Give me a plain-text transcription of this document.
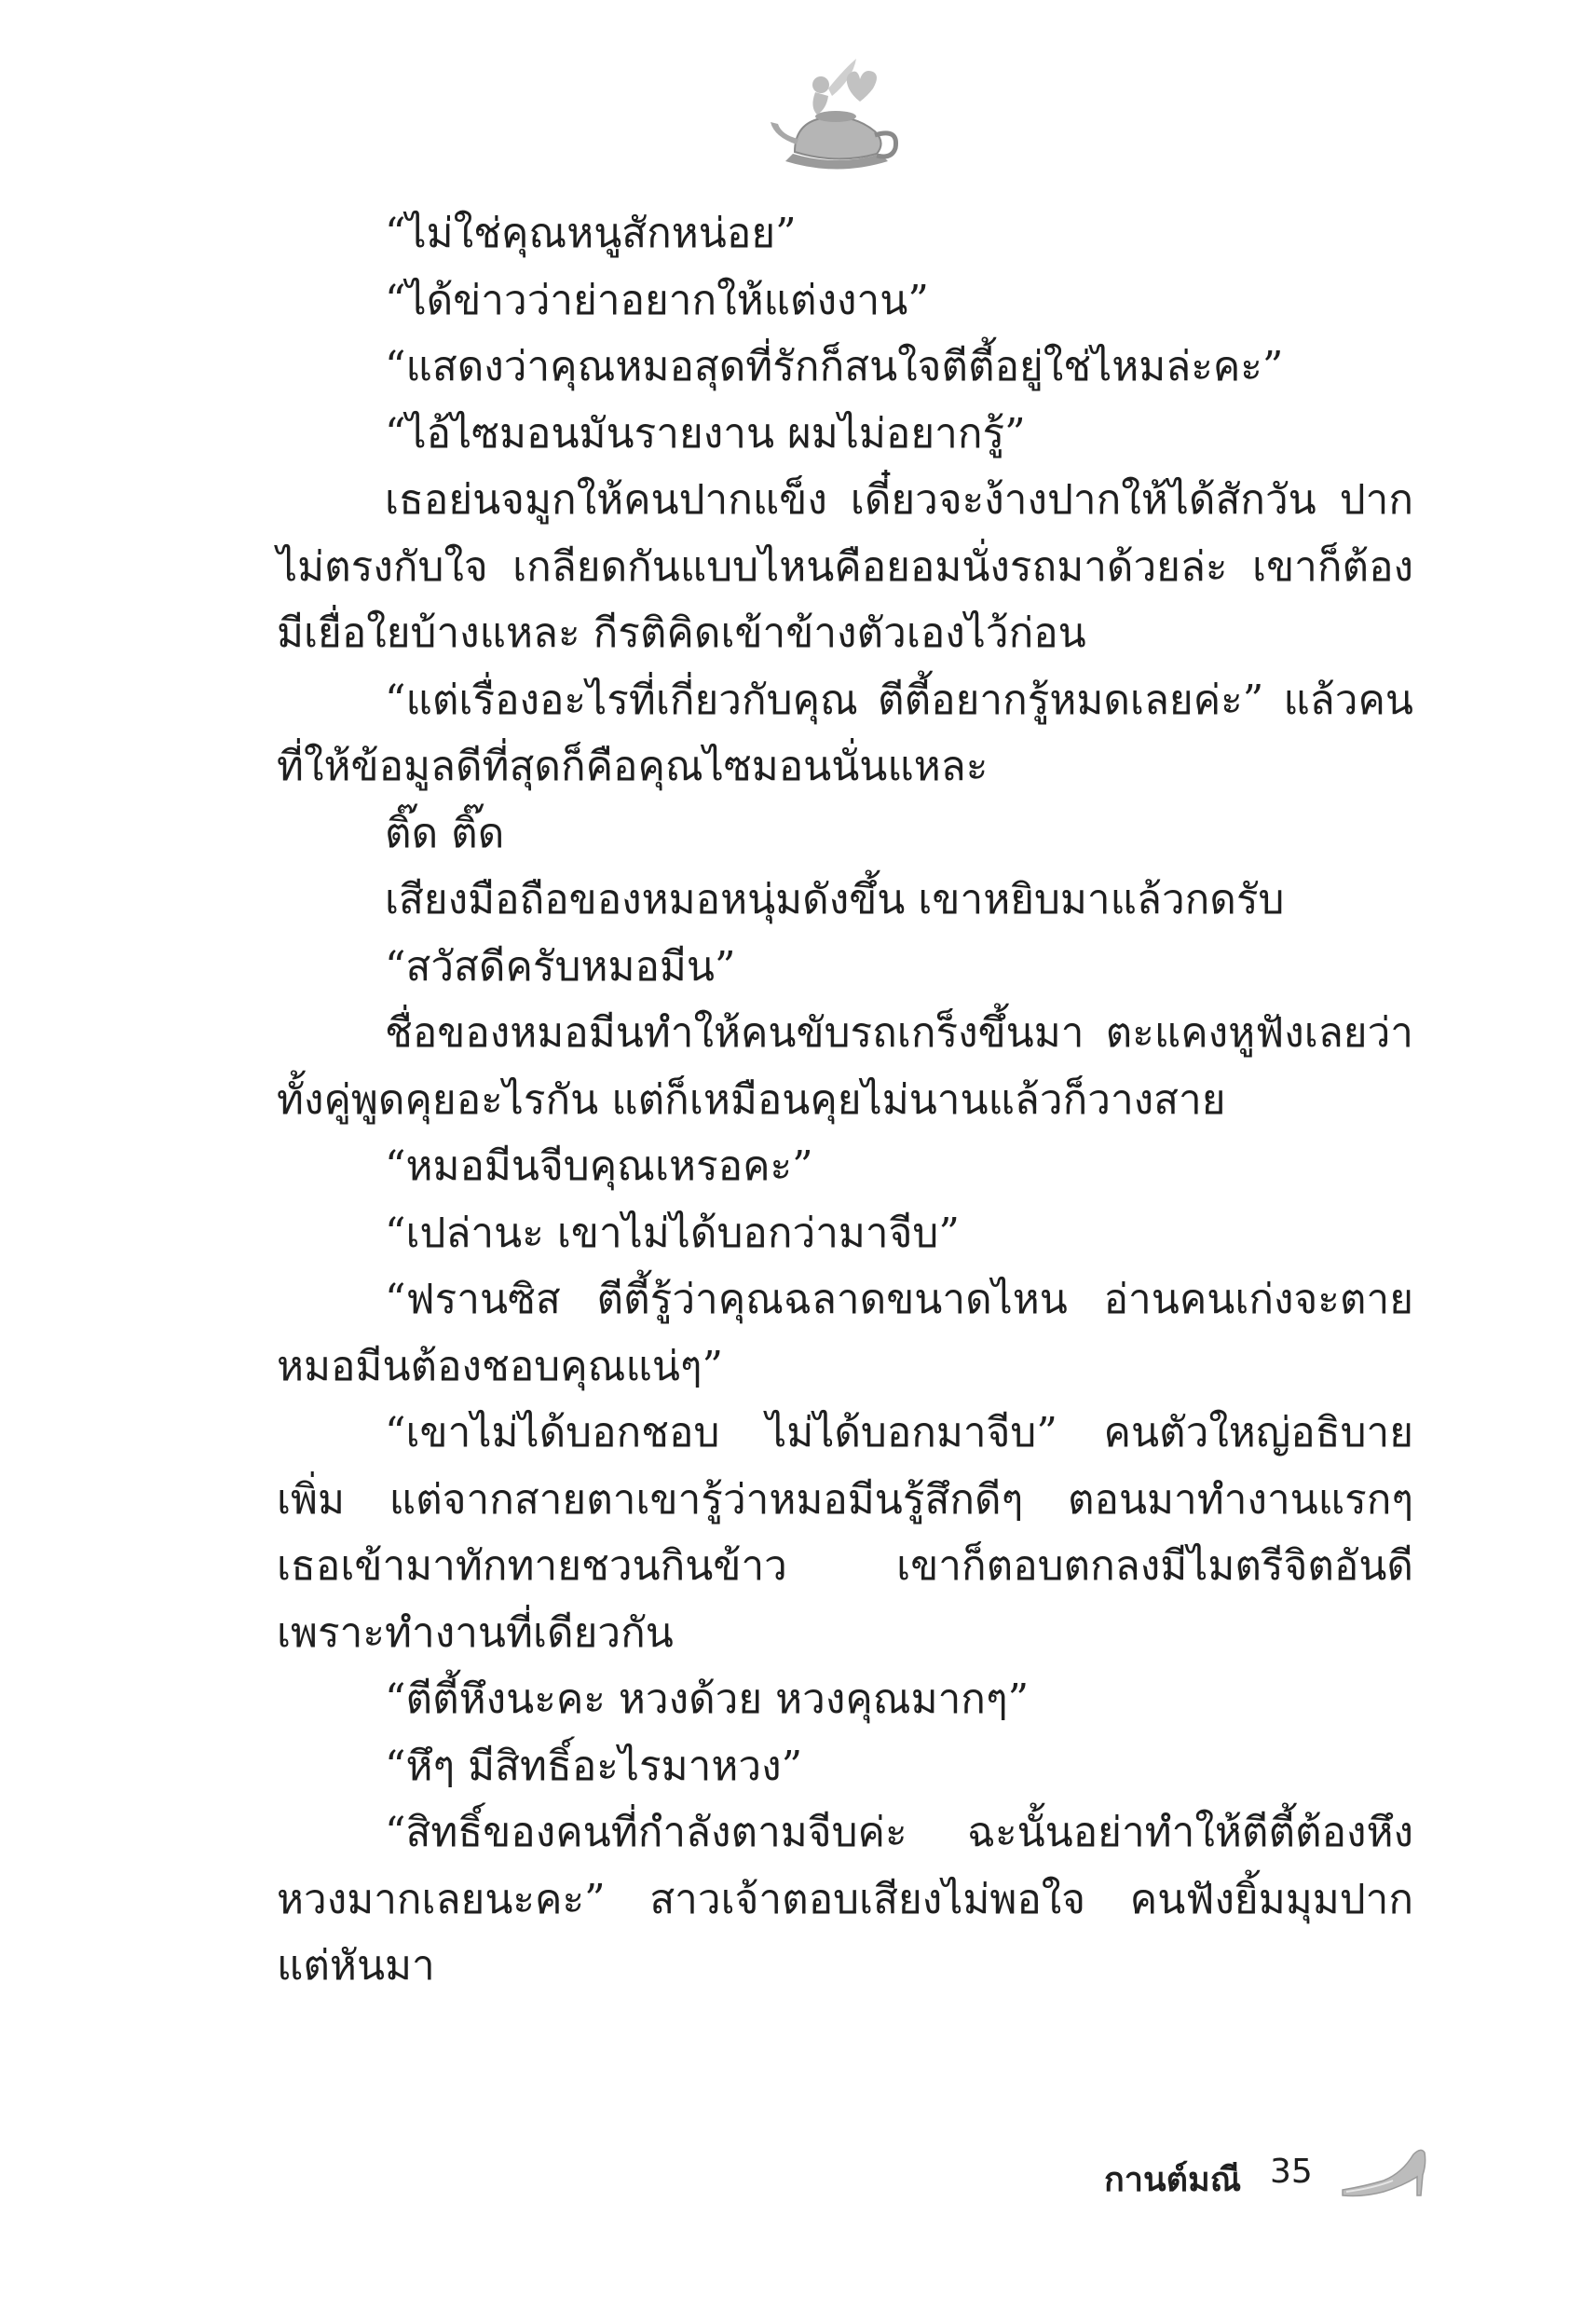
“ไม่ใช่คุณหนูสักหน่อย”

“ได้ข่าวว่าย่าอยากให้แต่งงาน”

“แสดงว่าคุณหมอสุดที่รักก็สนใจตีตี้อยู่ใช่ไหมล่ะคะ”

“ไอ้ไซมอนมันรายงาน ผมไม่อยากรู้”

เธอย่นจมูกให้คนปากแข็ง เดี๋ยวจะง้างปากให้ได้สักวัน ปากไม่ตรงกับใจ เกลียดกันแบบไหนคือยอมนั่งรถมาด้วยล่ะ เขาก็ต้องมีเยื่อใยบ้างแหละ กีรติคิดเข้าข้างตัวเองไว้ก่อน

“แต่เรื่องอะไรที่เกี่ยวกับคุณ ตีตี้อยากรู้หมดเลยค่ะ” แล้วคนที่ให้ข้อมูลดีที่สุดก็คือคุณไซมอนนั่นแหละ

ติ๊ด ติ๊ด

เสียงมือถือของหมอหนุ่มดังขึ้น เขาหยิบมาแล้วกดรับ

“สวัสดีครับหมอมีน”

ชื่อของหมอมีนทำให้คนขับรถเกร็งขึ้นมา ตะแคงหูฟังเลยว่าทั้งคู่พูดคุยอะไรกัน แต่ก็เหมือนคุยไม่นานแล้วก็วางสาย

“หมอมีนจีบคุณเหรอคะ”

“เปล่านะ เขาไม่ได้บอกว่ามาจีบ”

“ฟรานซิส ตีตี้รู้ว่าคุณฉลาดขนาดไหน อ่านคนเก่งจะตาย หมอมีนต้องชอบคุณแน่ๆ”

“เขาไม่ได้บอกชอบ ไม่ได้บอกมาจีบ” คนตัวใหญ่อธิบายเพิ่ม แต่จากสายตาเขารู้ว่าหมอมีนรู้สึกดีๆ ตอนมาทำงานแรกๆ เธอเข้ามาทักทายชวนกินข้าว เขาก็ตอบตกลงมีไมตรีจิตอันดีเพราะทำงานที่เดียวกัน

“ตีตี้หึงนะคะ หวงด้วย หวงคุณมากๆ”

“หึๆ มีสิทธิ์อะไรมาหวง”

“สิทธิ์ของคนที่กำลังตามจีบค่ะ ฉะนั้นอย่าทำให้ตีตี้ต้องหึงหวงมากเลยนะคะ” สาวเจ้าตอบเสียงไม่พอใจ คนฟังยิ้มมุมปาก แต่หันมา

กานต์มณี 35
